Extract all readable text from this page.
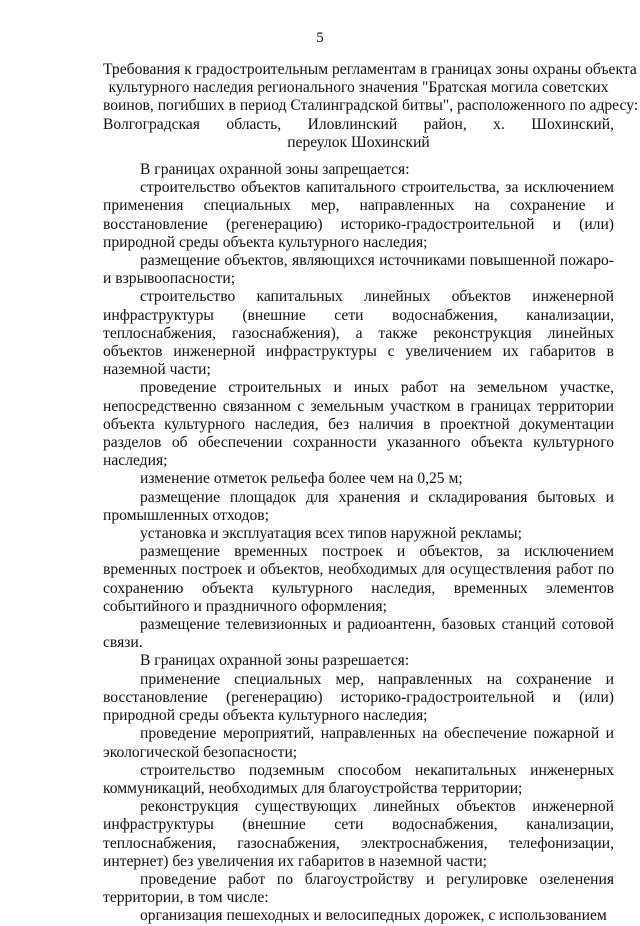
5
Требования к градостроительным регламентам в границах зоны охраны объекта
культурного наследия регионального значения "Братская могила советских
воинов, погибших в период Сталинградской битвы", расположенного по адресу:
Волгоградская область, Иловлинский район, х. Шохинский,
переулок Шохинский

В границах охранной зоны запрещается:

строительство объектов капитального строительства, за исключением применения специальных мер, направленных на сохранение и восстановление (регенерацию) историко-градостроительной и (или) природной среды объекта культурного наследия;

размещение объектов, являющихся источниками повышенной пожаро- и взрывоопасности;

строительство капитальных линейных объектов инженерной инфраструктуры (внешние сети водоснабжения, канализации, теплоснабжения, газоснабжения), а также реконструкция линейных объектов инженерной инфраструктуры с увеличением их габаритов в наземной части;

проведение строительных и иных работ на земельном участке, непосредственно связанном с земельным участком в границах территории объекта культурного наследия, без наличия в проектной документации разделов об обеспечении сохранности указанного объекта культурного наследия;

изменение отметок рельефа более чем на 0,25 м;

размещение площадок для хранения и складирования бытовых и промышленных отходов;

установка и эксплуатация всех типов наружной рекламы;

размещение временных построек и объектов, за исключением временных построек и объектов, необходимых для осуществления работ по сохранению объекта культурного наследия, временных элементов событийного и праздничного оформления;

размещение телевизионных и радиоантенн, базовых станций сотовой связи.

В границах охранной зоны разрешается:

применение специальных мер, направленных на сохранение и восстановление (регенерацию) историко-градостроительной и (или) природной среды объекта культурного наследия;

проведение мероприятий, направленных на обеспечение пожарной и экологической безопасности;

строительство подземным способом некапитальных инженерных коммуникаций, необходимых для благоустройства территории;

реконструкция существующих линейных объектов инженерной инфраструктуры (внешние сети водоснабжения, канализации, теплоснабжения, газоснабжения, электроснабжения, телефонизации, интернет) без увеличения их габаритов в наземной части;

проведение работ по благоустройству и регулировке озеленения территории, в том числе:

организация пешеходных и велосипедных дорожек, с использованием
